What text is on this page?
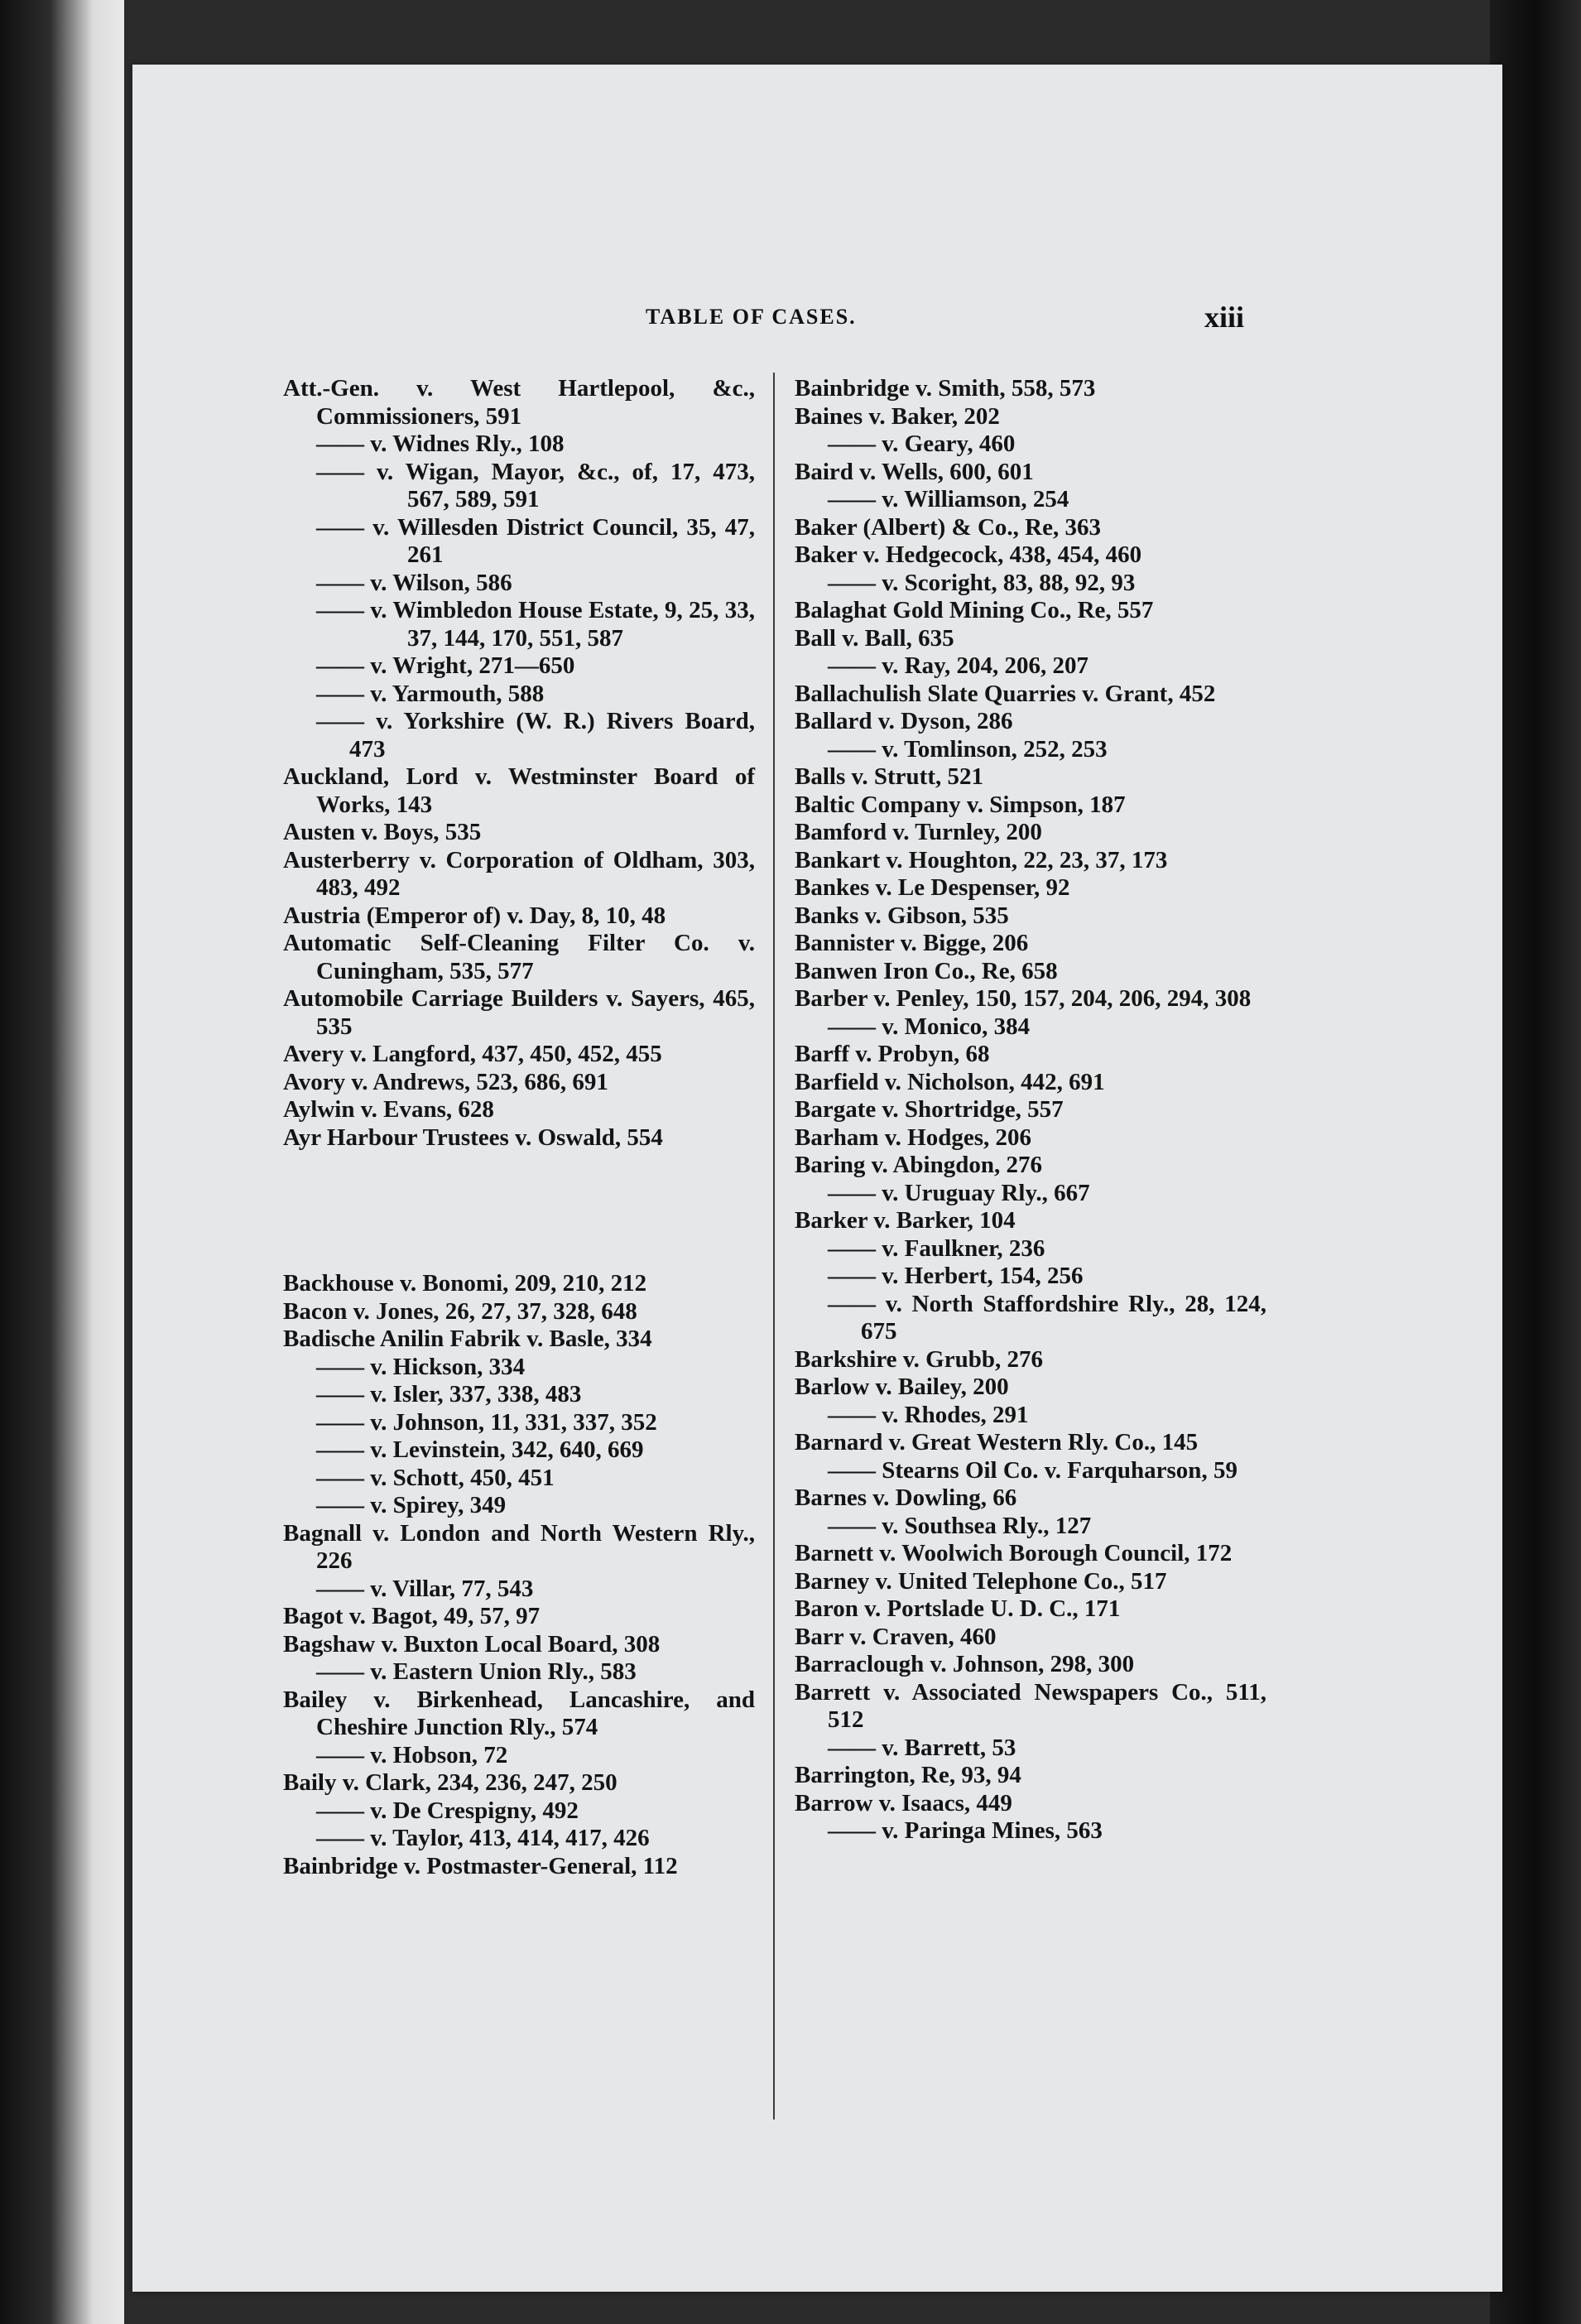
TABLE OF CASES.	xiii

Att.-Gen. v. West Hartlepool, &c., Commissioners, 591

—— v. Widnes Rly., 108

—— v. Wigan, Mayor, &c., of, 17, 473, 567, 589, 591

—— v. Willesden District Council, 35, 47, 261

—— v. Wilson, 586

—— v. Wimbledon House Estate, 9, 25, 33, 37, 144, 170, 551, 587

—— v. Wright, 271—650

—— v. Yarmouth, 588

—— v. Yorkshire (W. R.) Rivers Board, 473

Auckland, Lord v. Westminster Board of Works, 143

Austen v. Boys, 535

Austerberry v. Corporation of Oldham, 303, 483, 492

Austria (Emperor of) v. Day, 8, 10, 48

Automatic Self-Cleaning Filter Co. v. Cuningham, 535, 577

Automobile Carriage Builders v. Sayers, 465, 535

Avery v. Langford, 437, 450, 452, 455

Avory v. Andrews, 523, 686, 691

Aylwin v. Evans, 628

Ayr Harbour Trustees v. Oswald, 554

Backhouse v. Bonomi, 209, 210, 212

Bacon v. Jones, 26, 27, 37, 328, 648

Badische Anilin Fabrik v. Basle, 334

—— v. Hickson, 334

—— v. Isler, 337, 338, 483

—— v. Johnson, 11, 331, 337, 352

—— v. Levinstein, 342, 640, 669

—— v. Schott, 450, 451

—— v. Spirey, 349

Bagnall v. London and North Western Rly., 226

—— v. Villar, 77, 543

Bagot v. Bagot, 49, 57, 97

Bagshaw v. Buxton Local Board, 308

—— v. Eastern Union Rly., 583

Bailey v. Birkenhead, Lancashire, and Cheshire Junction Rly., 574

—— v. Hobson, 72

Baily v. Clark, 234, 236, 247, 250

—— v. De Crespigny, 492

—— v. Taylor, 413, 414, 417, 426

Bainbridge v. Postmaster-General, 112

Bainbridge v. Smith, 558, 573

Baines v. Baker, 202

—— v. Geary, 460

Baird v. Wells, 600, 601

—— v. Williamson, 254

Baker (Albert) & Co., Re, 363

Baker v. Hedgecock, 438, 454, 460

—— v. Scoright, 83, 88, 92, 93

Balaghat Gold Mining Co., Re, 557

Ball v. Ball, 635

—— v. Ray, 204, 206, 207

Ballachulish Slate Quarries v. Grant, 452

Ballard v. Dyson, 286

—— v. Tomlinson, 252, 253

Balls v. Strutt, 521

Baltic Company v. Simpson, 187

Bamford v. Turnley, 200

Bankart v. Houghton, 22, 23, 37, 173

Bankes v. Le Despenser, 92

Banks v. Gibson, 535

Bannister v. Bigge, 206

Banwen Iron Co., Re, 658

Barber v. Penley, 150, 157, 204, 206, 294, 308

—— v. Monico, 384

Barff v. Probyn, 68

Barfield v. Nicholson, 442, 691

Bargate v. Shortridge, 557

Barham v. Hodges, 206

Baring v. Abingdon, 276

—— v. Uruguay Rly., 667

Barker v. Barker, 104

—— v. Faulkner, 236

—— v. Herbert, 154, 256

—— v. North Staffordshire Rly., 28, 124, 675

Barkshire v. Grubb, 276

Barlow v. Bailey, 200

—— v. Rhodes, 291

Barnard v. Great Western Rly. Co., 145

—— Stearns Oil Co. v. Farquharson, 59

Barnes v. Dowling, 66

—— v. Southsea Rly., 127

Barnett v. Woolwich Borough Council, 172

Barney v. United Telephone Co., 517

Baron v. Portslade U. D. C., 171

Barr v. Craven, 460

Barraclough v. Johnson, 298, 300

Barrett v. Associated Newspapers Co., 511, 512

—— v. Barrett, 53

Barrington, Re, 93, 94

Barrow v. Isaacs, 449

—— v. Paringa Mines, 563
